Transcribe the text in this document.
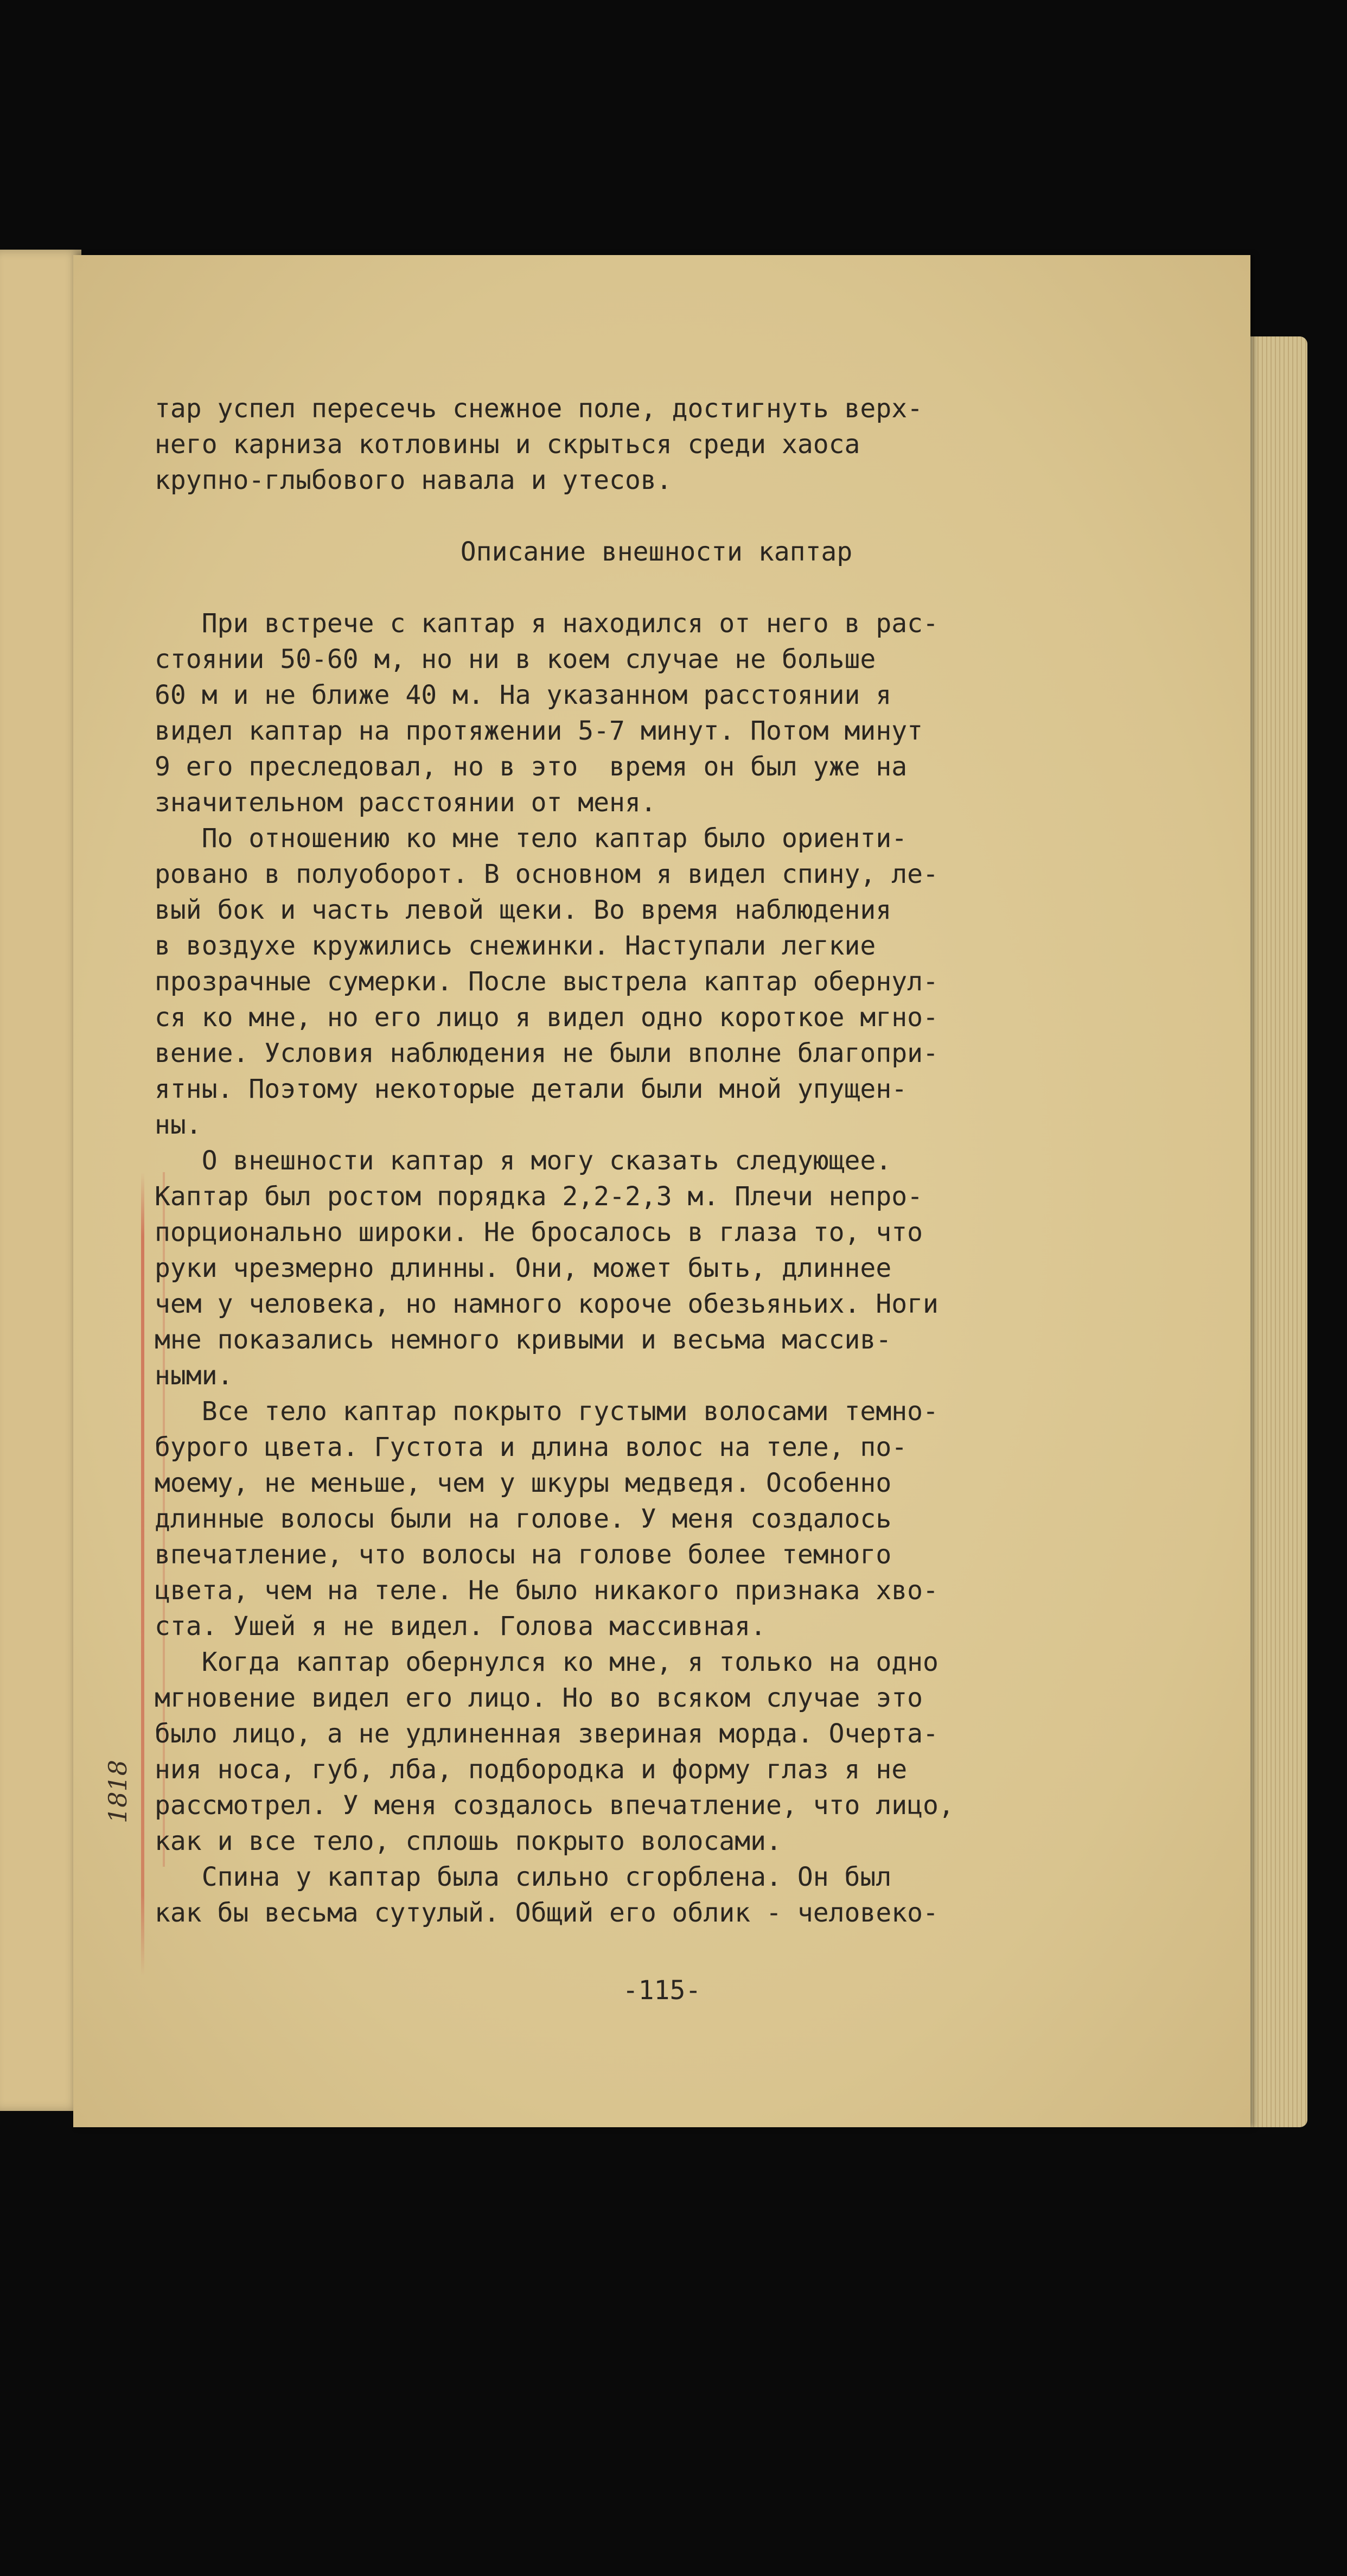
тар успел пересечь снежное поле, достигнуть верх-
него карниза котловины и скрыться среди хаоса
крупно-глыбового навала и утесов.
Описание внешности каптар
При встрече с каптар я находился от него в рас-
стоянии 50-60 м, но ни в коем случае не больше
60 м и не ближе 40 м. На указанном расстоянии я
видел каптар на протяжении 5-7 минут. Потом минут
9 его преследовал, но в это  время он был уже на
значительном расстоянии от меня.
По отношению ко мне тело каптар было ориенти-
ровано в полуоборот. В основном я видел спину, ле-
вый бок и часть левой щеки. Во время наблюдения
в воздухе кружились снежинки. Наступали легкие
прозрачные сумерки. После выстрела каптар обернул-
ся ко мне, но его лицо я видел одно короткое мгно-
вение. Условия наблюдения не были вполне благопри-
ятны. Поэтому некоторые детали были мной упущен-
ны.
О внешности каптар я могу сказать следующее.
Каптар был ростом порядка 2,2-2,3 м. Плечи непро-
порционально широки. Не бросалось в глаза то, что
руки чрезмерно длинны. Они, может быть, длиннее
чем у человека, но намного короче обезьяньих. Ноги
мне показались немного кривыми и весьма массив-
ными.
Все тело каптар покрыто густыми волосами темно-
бурого цвета. Густота и длина волос на теле, по-
моему, не меньше, чем у шкуры медведя. Особенно
длинные волосы были на голове. У меня создалось
впечатление, что волосы на голове более темного
цвета, чем на теле. Не было никакого признака хво-
ста. Ушей я не видел. Голова массивная.
Когда каптар обернулся ко мне, я только на одно
мгновение видел его лицо. Но во всяком случае это
было лицо, а не удлиненная звериная морда. Очерта-
ния носа, губ, лба, подбородка и форму глаз я не
рассмотрел. У меня создалось впечатление, что лицо,
как и все тело, сплошь покрыто волосами.
Спина у каптар была сильно сгорблена. Он был
как бы весьма сутулый. Общий его облик - человеко-
1818
-115-
